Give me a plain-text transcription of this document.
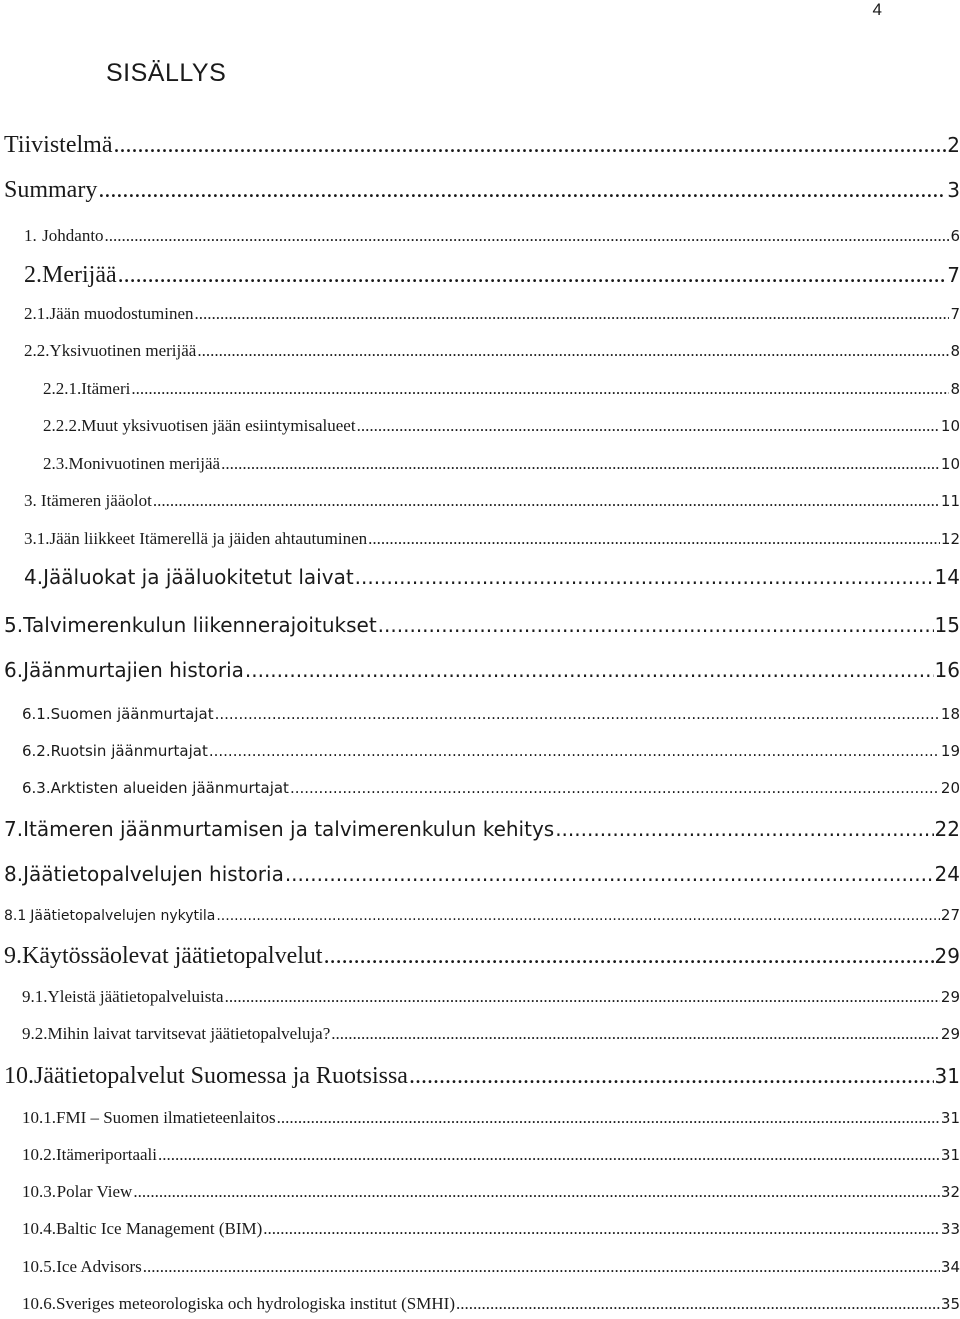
4
SISÄLLYS
Tiivistelmä .....	2
Summary .....	3
1. Johdanto .....	6
2. Merijää .....	7
2.1. Jään muodostuminen .....	7
2.2. Yksivuotinen merijää .....	8
2.2.1. Itämeri .....	8
2.2.2. Muut yksivuotisen jään esiintymisalueet .....	10
2.3. Monivuotinen merijää .....	10
3. Itämeren jääolot .....	11
3.1. Jään liikkeet Itämerellä ja jäiden ahtautuminen .....	12
4. Jääluokat ja jääluokitetut laivat .....	14
5. Talvimerenkulun liikennerajoitukset .....	15
6. Jäänmurtajien historia .....	16
6.1. Suomen jäänmurtajat .....	18
6.2. Ruotsin jäänmurtajat .....	19
6.3. Arktisten alueiden jäänmurtajat .....	20
7. Itämeren jäänmurtamisen ja talvimerenkulun kehitys .....	22
8. Jäätietopalvelujen historia .....	24
8.1 Jäätietopalvelujen nykytila .....	27
9. Käytössäolevat jäätietopalvelut .....	29
9.1. Yleistä jäätietopalveluista .....	29
9.2. Mihin laivat tarvitsevat jäätietopalveluja? .....	29
10. Jäätietopalvelut Suomessa ja Ruotsissa .....	31
10.1. FMI – Suomen ilmatieteenlaitos .....	31
10.2. Itämeriportaali .....	31
10.3. Polar View .....	32
10.4. Baltic Ice Management (BIM) .....	33
10.5. Ice Advisors .....	34
10.6. Sveriges meteorologiska och hydrologiska institut (SMHI) .....	35
